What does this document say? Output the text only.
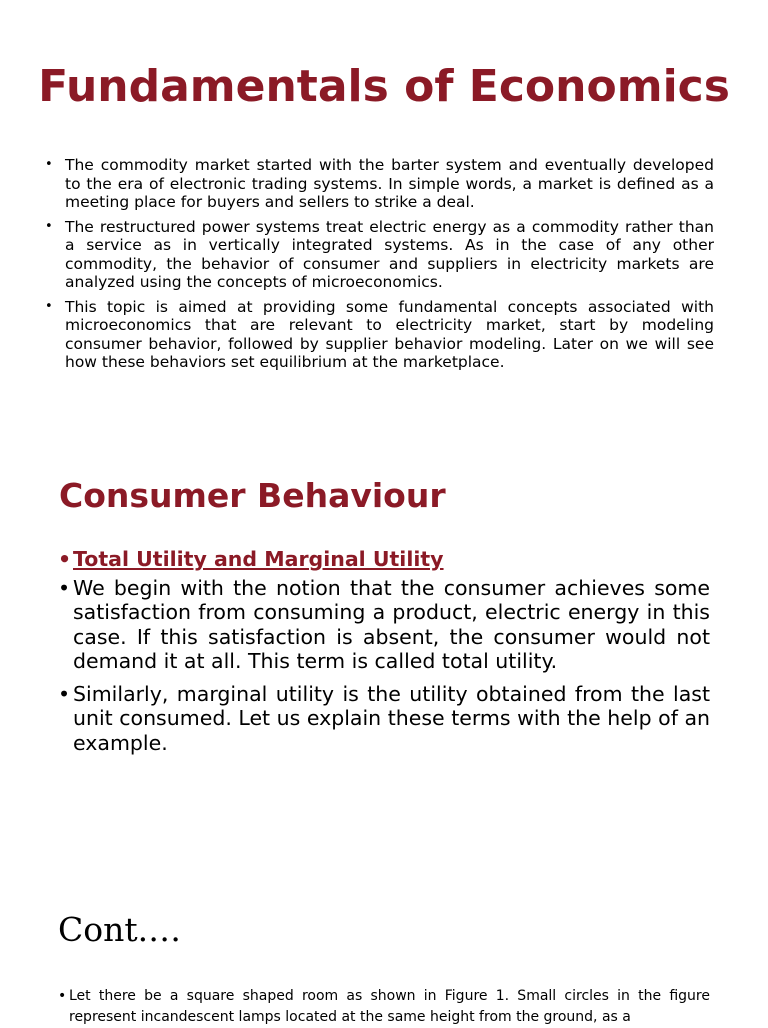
Fundamentals of Economics
• The commodity market started with the barter system and eventually developed to the era of electronic trading systems. In simple words, a market is defined as a meeting place for buyers and sellers to strike a deal.
• The restructured power systems treat electric energy as a commodity rather than a service as in vertically integrated systems. As in the case of any other commodity, the behavior of consumer and suppliers in electricity markets are analyzed using the concepts of microeconomics.
• This topic is aimed at providing some fundamental concepts associated with microeconomics that are relevant to electricity market, start by modeling consumer behavior, followed by supplier behavior modeling. Later on we will see how these behaviors set equilibrium at the marketplace.
Consumer Behaviour
• Total Utility and Marginal Utility
• We begin with the notion that the consumer achieves some satisfaction from consuming a product, electric energy in this case. If this satisfaction is absent, the consumer would not demand it at all. This term is called total utility.
• Similarly, marginal utility is the utility obtained from the last unit consumed. Let us explain these terms with the help of an example.
Cont.…
• Let there be a square shaped room as shown in Figure 1. Small circles in the figure represent incandescent lamps located at the same height from the ground, as a
